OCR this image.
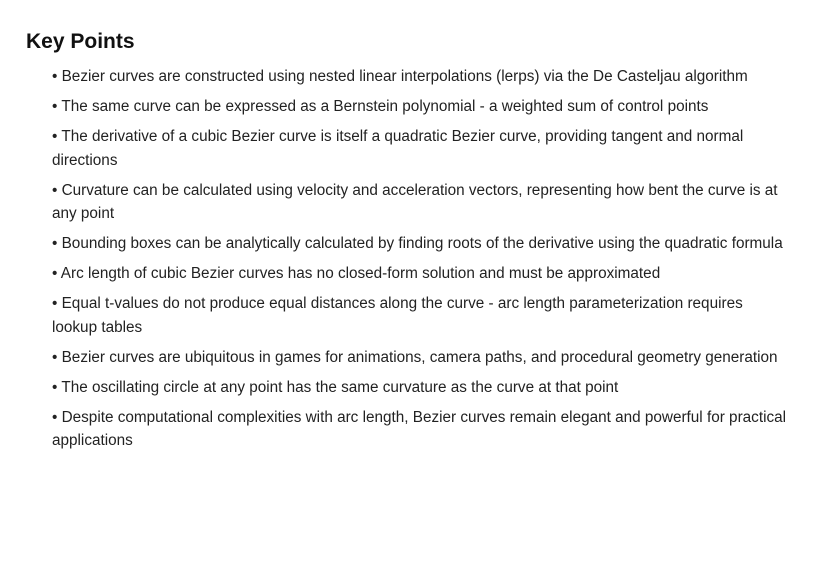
Key Points
• Bezier curves are constructed using nested linear interpolations (lerps) via the De Casteljau algorithm
• The same curve can be expressed as a Bernstein polynomial - a weighted sum of control points
• The derivative of a cubic Bezier curve is itself a quadratic Bezier curve, providing tangent and normal directions
• Curvature can be calculated using velocity and acceleration vectors, representing how bent the curve is at any point
• Bounding boxes can be analytically calculated by finding roots of the derivative using the quadratic formula
• Arc length of cubic Bezier curves has no closed-form solution and must be approximated
• Equal t-values do not produce equal distances along the curve - arc length parameterization requires lookup tables
• Bezier curves are ubiquitous in games for animations, camera paths, and procedural geometry generation
• The oscillating circle at any point has the same curvature as the curve at that point
• Despite computational complexities with arc length, Bezier curves remain elegant and powerful for practical applications
